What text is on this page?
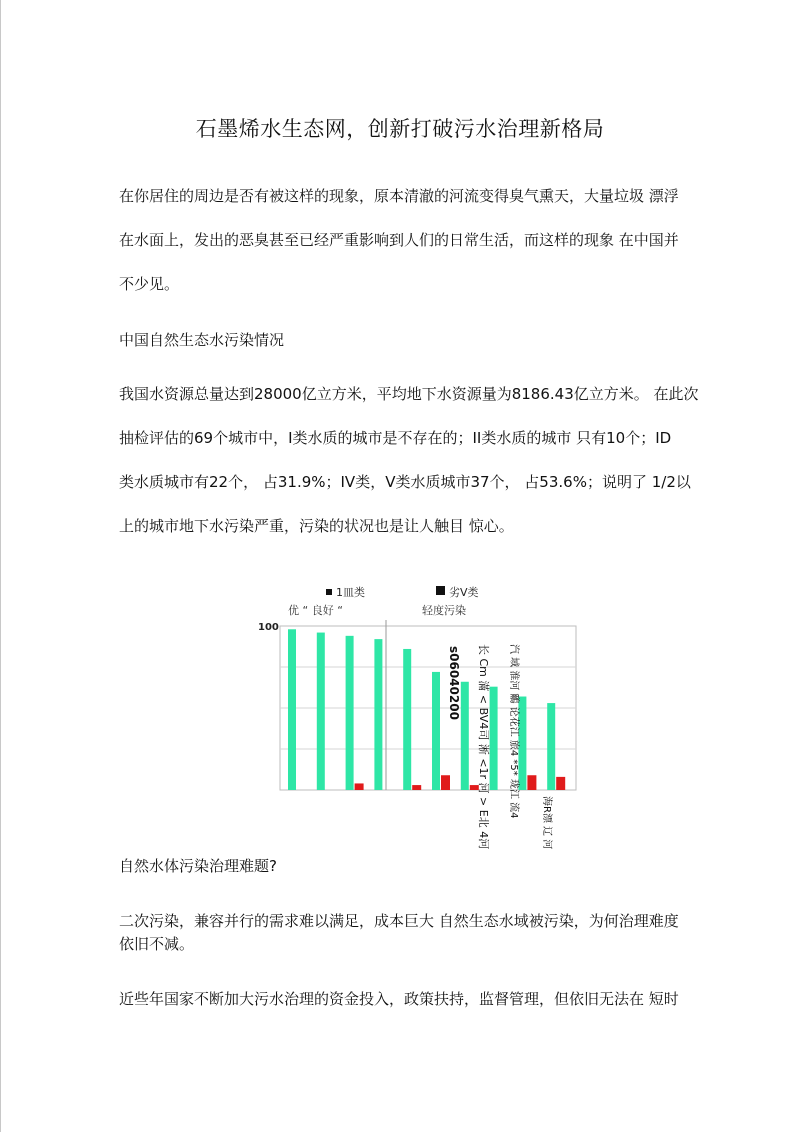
石墨烯水生态网，创新打破污水治理新格局

在你居住的周边是否有被这样的现象，原本清澈的河流变得臭气熏天，大量垃圾 漂浮
在水面上，发出的恶臭甚至已经严重影响到人们的日常生活，而这样的现象 在中国并
不少见。

中国自然生态水污染情况

我国水资源总量达到28000亿立方米，平均地下水资源量为8186.43亿立方米。 在此次
抽检评估的69个城市中，I类水质的城市是不存在的；II类水质的城市 只有10个；ID
类水质城市有22个， 占31.9%；IV类，V类水质城市37个， 占53.6%；说明了 1/2以
上的城市地下水污染严重，污染的状况也是让人触目 惊心。

1皿类	劣V类
优 “ 良好 “	轻度污染
100
s06040200 长 Cm 滿 < BV4司 淅 <1r 河 > E北 4河 汽 域 淮河 鸍 论花江 旅4 *5* 珑江 流4
海R漂 辽 河
自然水体污染治理难题?

二次污染，兼容并行的需求难以满足，成本巨大 自然生态水域被污染，为何治理难度
依旧不减。

近些年国家不断加大污水治理的资金投入，政策扶持，监督管理，但依旧无法在 短时
